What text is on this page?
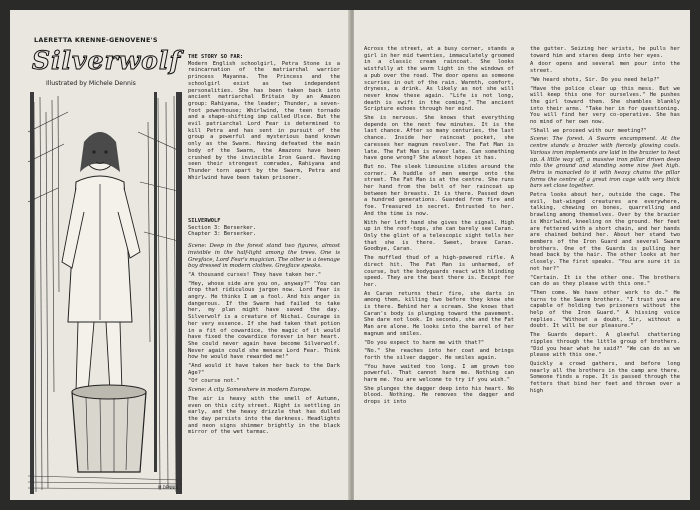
LAERETTA KRENNE-GENOVENE'S
Silverwolf
Illustrated by Michele Dennis
M.DENNIS

THE STORY SO FAR:

Modern English schoolgirl, Petra Stone is a reincarnation of the matriarchal warrior princess Mayanna. The Princess and the schoolgirl exist as two independent personalities. She has been taken back into ancient matriarchal Britain by an Amazon group: Rahiyana, the leader; Thunder, a seven-foot powerhouse; Whirlwind, the teen tornado and a shape-shifting imp called Ulsce. But the evil patriarchal Lord Fear is determined to kill Petra and has sent in pursuit of the group a powerful and mysterious band known only as the Swarm. Having defeated the main body of the Swarm, the Amazons have been crushed by the invincible Iron Guard. Having seen their strongest comrades, Rahiyana and Thunder torn apart by the Swarm, Petra and Whirlwind have been taken prisoner.

SILVERWOLF

Section 3: Berserker.

Chapter 3: Berserker.

Scene: Deep in the forest stand two figures, almost invisible in the half-light among the trees. One is Greyface, Lord Fear's magician. The other is a teenage boy dressed in modern clothes. Greyface speaks.

"A thousand curses! They have taken her."

"Hey, whose side are you on, anyway?" "You can drop that ridiculous jargon now. Lord Fear is angry. He thinks I am a fool. And his anger is dangerous. If the Swarm had failed to take her, my plan might have saved the day. Silverwolf is a creature of Nichai. Courage is her very essence. If she had taken that potion in a fit of cowardice, the magic of it would have fixed the cowardice forever in her heart. She could never again have become Silverwolf. Never again could she menace Lord Fear. Think how he would have rewarded me!"

"And would it have taken her back to the Dark Age?"

"Of course not."

Scene: A city. Somewhere in modern Europe.

The air is heavy with the smell of Autumn, even on this city street. Night is settling in early, and the heavy drizzle that has dulled the day persists into the darkness. Headlights and neon signs shimmer brightly in the black mirror of the wet tarmac.

Across the street, at a busy corner, stands a girl in her mid twenties, immaculately groomed in a classic cream raincoat. She looks wistfully at the warm light in the windows of a pub over the road. The door opens as someone scurries in out of the rain. Warmth, comfort, dryness, a drink. As likely as not she will never know these again. "Life is not long, death is swift in the coming." The ancient Scripture echoes through her mind.

She is nervous. She knows that everything depends on the next few minutes. It is the last chance. After so many centuries, the last chance. Inside her raincoat pocket, she caresses her magnum revolver. The Fat Man is late. The Fat Man is never late. Can something have gone wrong? She almost hopes it has.

But no. The sleek limousine slides around the corner. A huddle of men emerge onto the street. The Fat Man is at the centre. She runs her hand from the belt of her raincoat up between her breasts. It is there. Passed down a hundred generations. Guarded from fire and foe. Treasured in secret. Entrusted to her. And the time is now.

With her left hand she gives the signal. High up in the roof-tops, she can barely see Caran. Only the glint of a telescopic sight tells her that she is there. Sweet, brave Caran. Goodbye, Caran.

The muffled thud of a high-powered rifle. A direct hit. The Fat Man is unharmed, of course, but the bodyguards react with blinding speed. They are the best there is. Except for her.

As Caran returns their fire, she darts in among them, killing two before they know she is there. Behind her a scream. She knows that Caran's body is plunging toward the pavement. She dare not look. In seconds, she and the Fat Man are alone. He looks into the barrel of her magnum and smiles.

"Do you expect to harm me with that?"

"No." She reaches into her coat and brings forth the silver dagger. He smiles again.

"You have waited too long. I am grown too powerful. That cannot harm me. Nothing can harm me. You are welcome to try if you wish."

She plunges the dagger deep into his heart. No blood. Nothing. He removes the dagger and drops it into

the gutter. Seizing her wrists, he pulls her toward him and stares deep into her eyes.

A door opens and several men pour into the street.

"We heard shots, Sir. Do you need help?"

"Have the police clear up this mess. But we will keep this one for ourselves." He pushes the girl toward them. She shambles blankly into their arms. "Take her in for questioning. You will find her very co-operative. She has no mind of her own now.

"Shall we proceed with our meeting?"

Scene: The forest. A Swarm encampment. At the centre stands a brazier with fiercely glowing coals. Various iron implements are laid in the brazier to heat up. A little way off, a massive iron pillar driven deep into the ground and standing some nine feet high. Petra is manacled to it with heavy chains the pillar forms the centre of a great iron cage with very thick bars set close together.

Petra looks about her, outside the cage. The evil, bat-winged creatures are everywhere, talking, chewing on bones, quarrelling and brawling among themselves. Over by the brazier is Whirlwind, kneeling on the ground. Her feet are fettered with a short chain, and her hands are chained behind her. About her stand two members of the Iron Guard and several Swarm brothers. One of the Guards is pulling her head back by the hair. The other looks at her closely. The first speaks. "You are sure it is not her?"

"Certain. It is the other one. The brothers can do as they please with this one."

"Then come. We have other work to do." He turns to the Swarm brothers. "I trust you are capable of holding two prisoners without the help of the Iron Guard." A hissing voice replies. "Without a doubt, Sir, without a doubt. It will be our pleasure."

The Guards depart. A gleeful chattering ripples through the little group of brothers. "Did you hear what he said?" "We can do as we please with this one."

Quickly a crowd gathers, and before long nearly all the brothers in the camp are there. Someone finds a rope. It is passed through the fetters that bind her feet and thrown over a high
